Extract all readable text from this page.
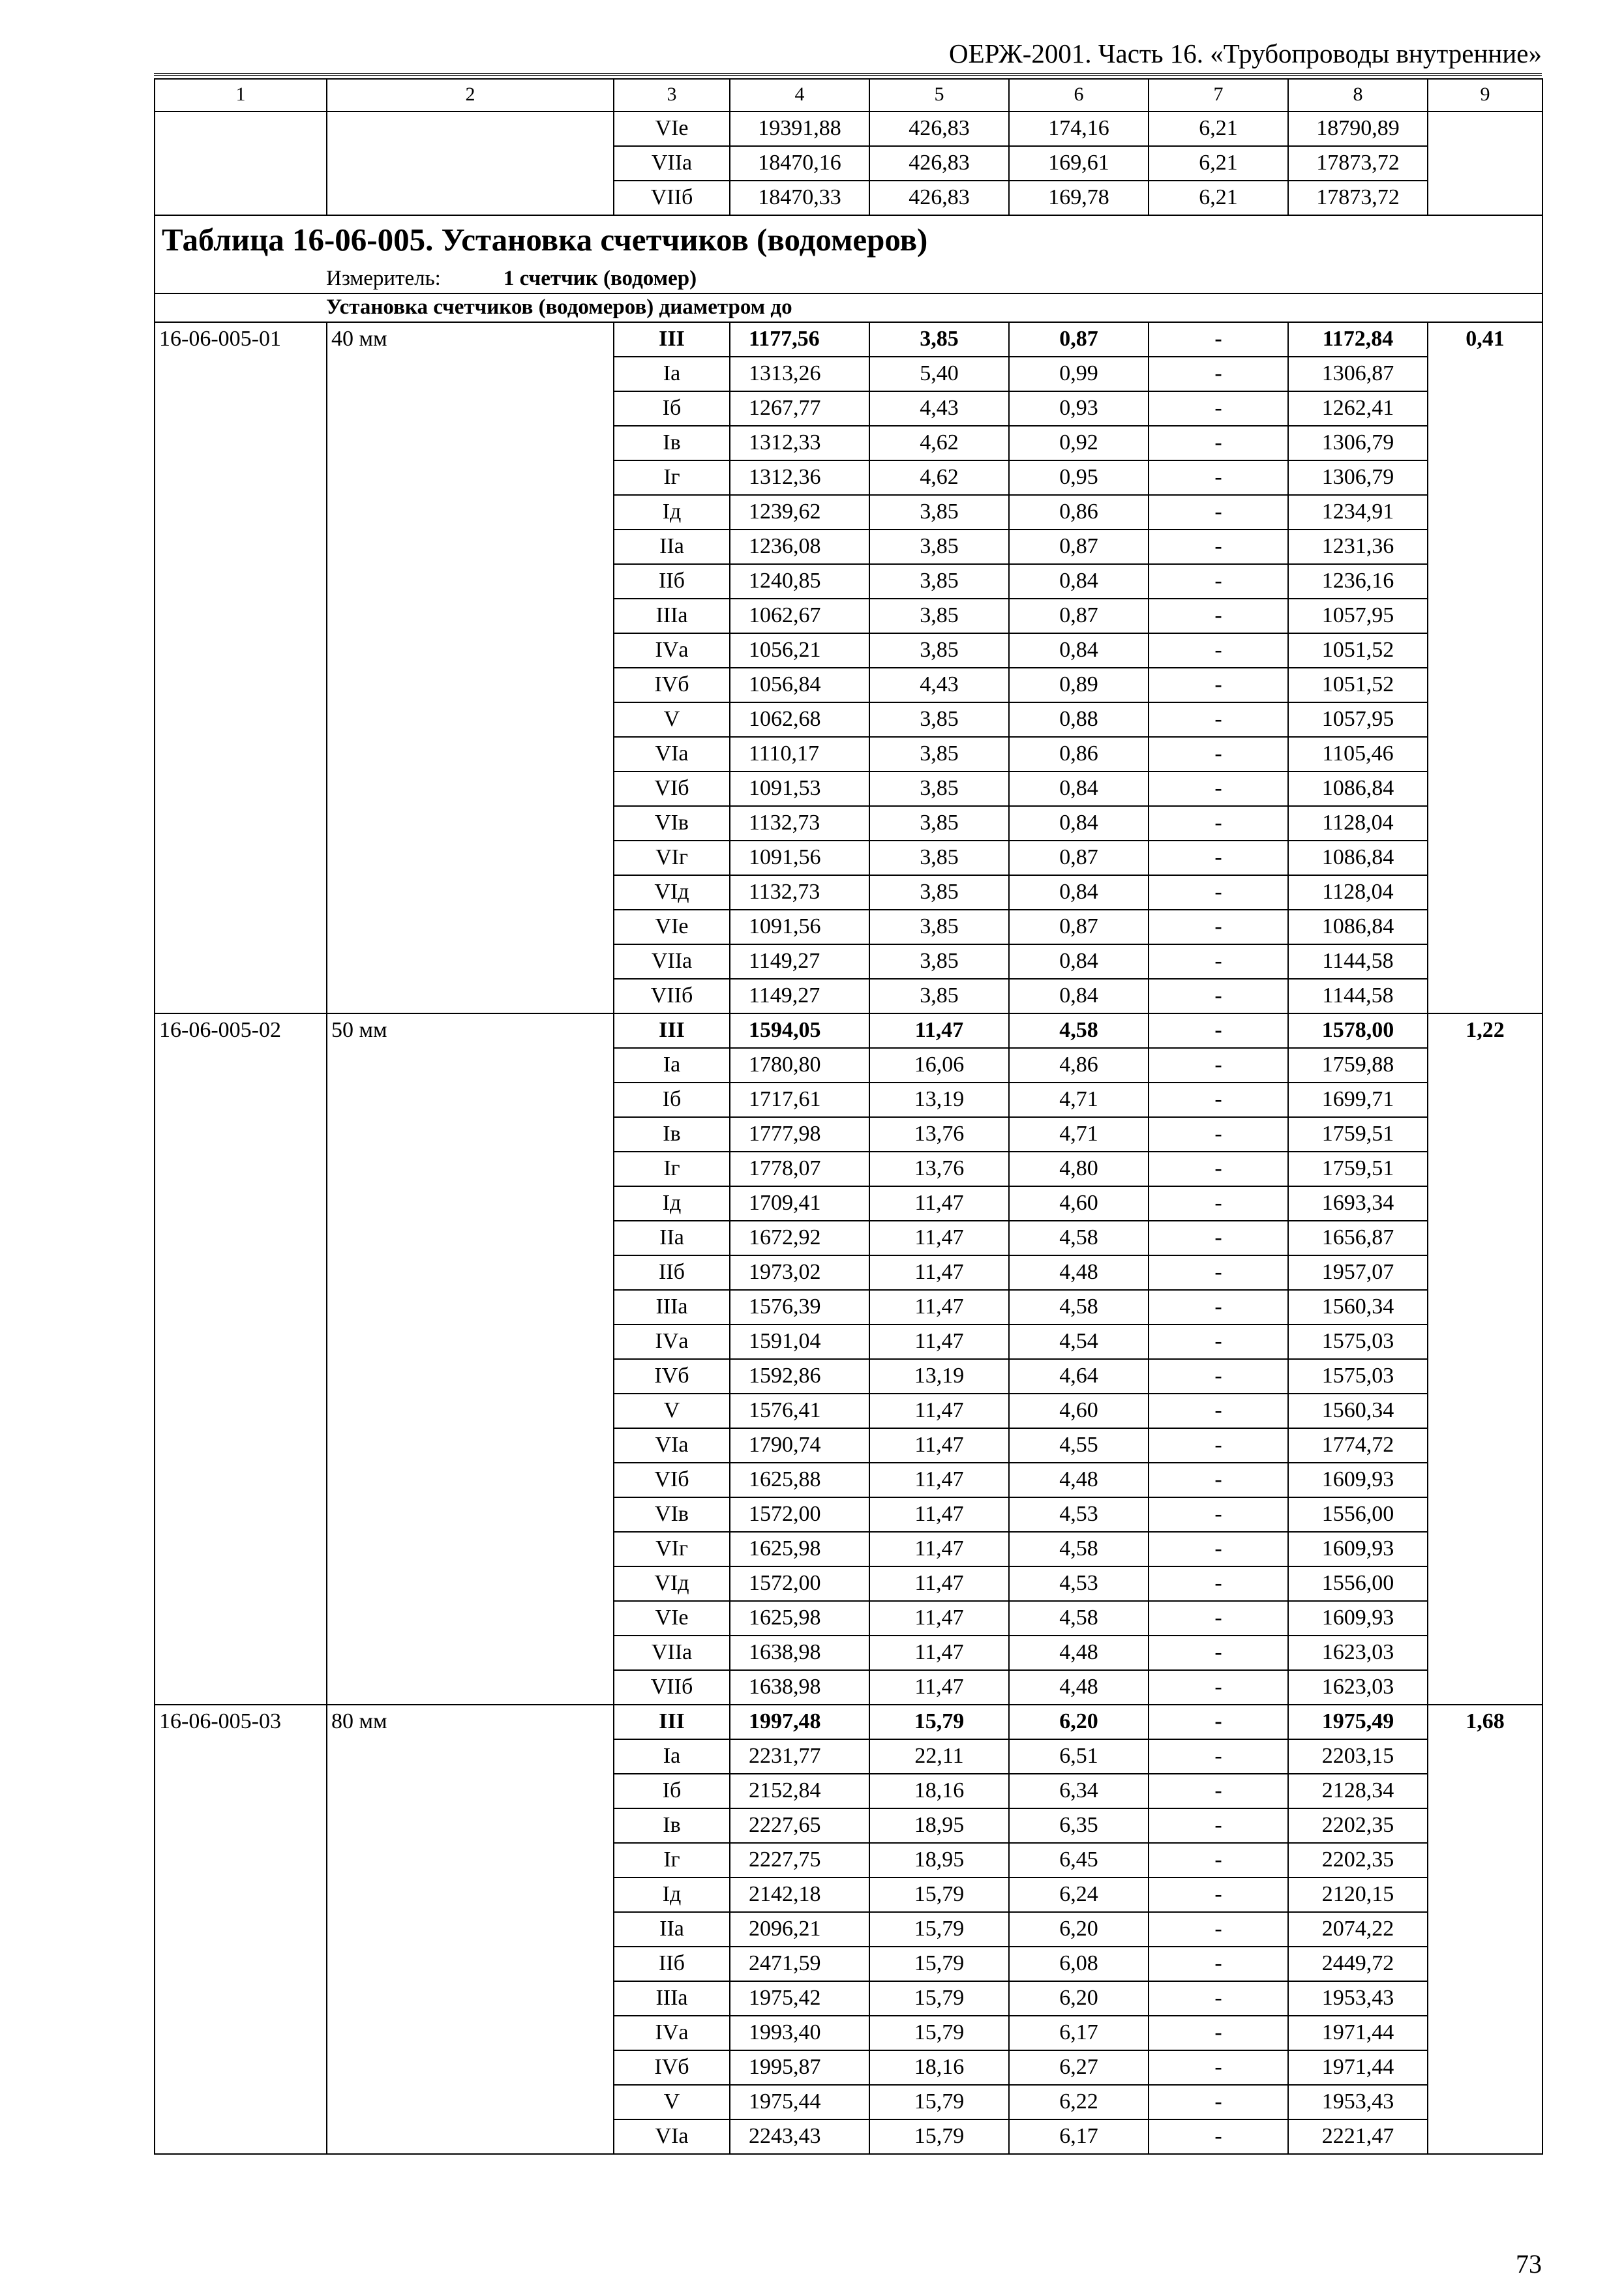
ОЕРЖ-2001. Часть 16. «Трубопроводы внутренние»
1	2	3	4	5	6	7	8	9
		VIе	19391,88	426,83	174,16	6,21	18790,89	
		VIIа	18470,16	426,83	169,61	6,21	17873,72	
		VIIб	18470,33	426,83	169,78	6,21	17873,72	
Таблица 16-06-005. Установка счетчиков (водомеров)								
Измеритель: 1 счетчик (водомер)								
Установка счетчиков (водомеров) диаметром до								
16-06-005-01	40 мм	III	1177,56	3,85	0,87	-	1172,84	0,41
		Iа	1313,26	5,40	0,99	-	1306,87	
		Iб	1267,77	4,43	0,93	-	1262,41	
		Iв	1312,33	4,62	0,92	-	1306,79	
		Iг	1312,36	4,62	0,95	-	1306,79	
		Iд	1239,62	3,85	0,86	-	1234,91	
		IIа	1236,08	3,85	0,87	-	1231,36	
		IIб	1240,85	3,85	0,84	-	1236,16	
		IIIа	1062,67	3,85	0,87	-	1057,95	
		IVа	1056,21	3,85	0,84	-	1051,52	
		IVб	1056,84	4,43	0,89	-	1051,52	
		V	1062,68	3,85	0,88	-	1057,95	
		VIа	1110,17	3,85	0,86	-	1105,46	
		VIб	1091,53	3,85	0,84	-	1086,84	
		VIв	1132,73	3,85	0,84	-	1128,04	
		VIг	1091,56	3,85	0,87	-	1086,84	
		VIд	1132,73	3,85	0,84	-	1128,04	
		VIе	1091,56	3,85	0,87	-	1086,84	
		VIIа	1149,27	3,85	0,84	-	1144,58	
		VIIб	1149,27	3,85	0,84	-	1144,58	
16-06-005-02	50 мм	III	1594,05	11,47	4,58	-	1578,00	1,22
		Iа	1780,80	16,06	4,86	-	1759,88	
		Iб	1717,61	13,19	4,71	-	1699,71	
		Iв	1777,98	13,76	4,71	-	1759,51	
		Iг	1778,07	13,76	4,80	-	1759,51	
		Iд	1709,41	11,47	4,60	-	1693,34	
		IIа	1672,92	11,47	4,58	-	1656,87	
		IIб	1973,02	11,47	4,48	-	1957,07	
		IIIа	1576,39	11,47	4,58	-	1560,34	
		IVа	1591,04	11,47	4,54	-	1575,03	
		IVб	1592,86	13,19	4,64	-	1575,03	
		V	1576,41	11,47	4,60	-	1560,34	
		VIа	1790,74	11,47	4,55	-	1774,72	
		VIб	1625,88	11,47	4,48	-	1609,93	
		VIв	1572,00	11,47	4,53	-	1556,00	
		VIг	1625,98	11,47	4,58	-	1609,93	
		VIд	1572,00	11,47	4,53	-	1556,00	
		VIе	1625,98	11,47	4,58	-	1609,93	
		VIIа	1638,98	11,47	4,48	-	1623,03	
		VIIб	1638,98	11,47	4,48	-	1623,03	
16-06-005-03	80 мм	III	1997,48	15,79	6,20	-	1975,49	1,68
		Iа	2231,77	22,11	6,51	-	2203,15	
		Iб	2152,84	18,16	6,34	-	2128,34	
		Iв	2227,65	18,95	6,35	-	2202,35	
		Iг	2227,75	18,95	6,45	-	2202,35	
		Iд	2142,18	15,79	6,24	-	2120,15	
		IIа	2096,21	15,79	6,20	-	2074,22	
		IIб	2471,59	15,79	6,08	-	2449,72	
		IIIа	1975,42	15,79	6,20	-	1953,43	
		IVа	1993,40	15,79	6,17	-	1971,44	
		IVб	1995,87	18,16	6,27	-	1971,44	
		V	1975,44	15,79	6,22	-	1953,43	
		VIа	2243,43	15,79	6,17	-	2221,47	
73
